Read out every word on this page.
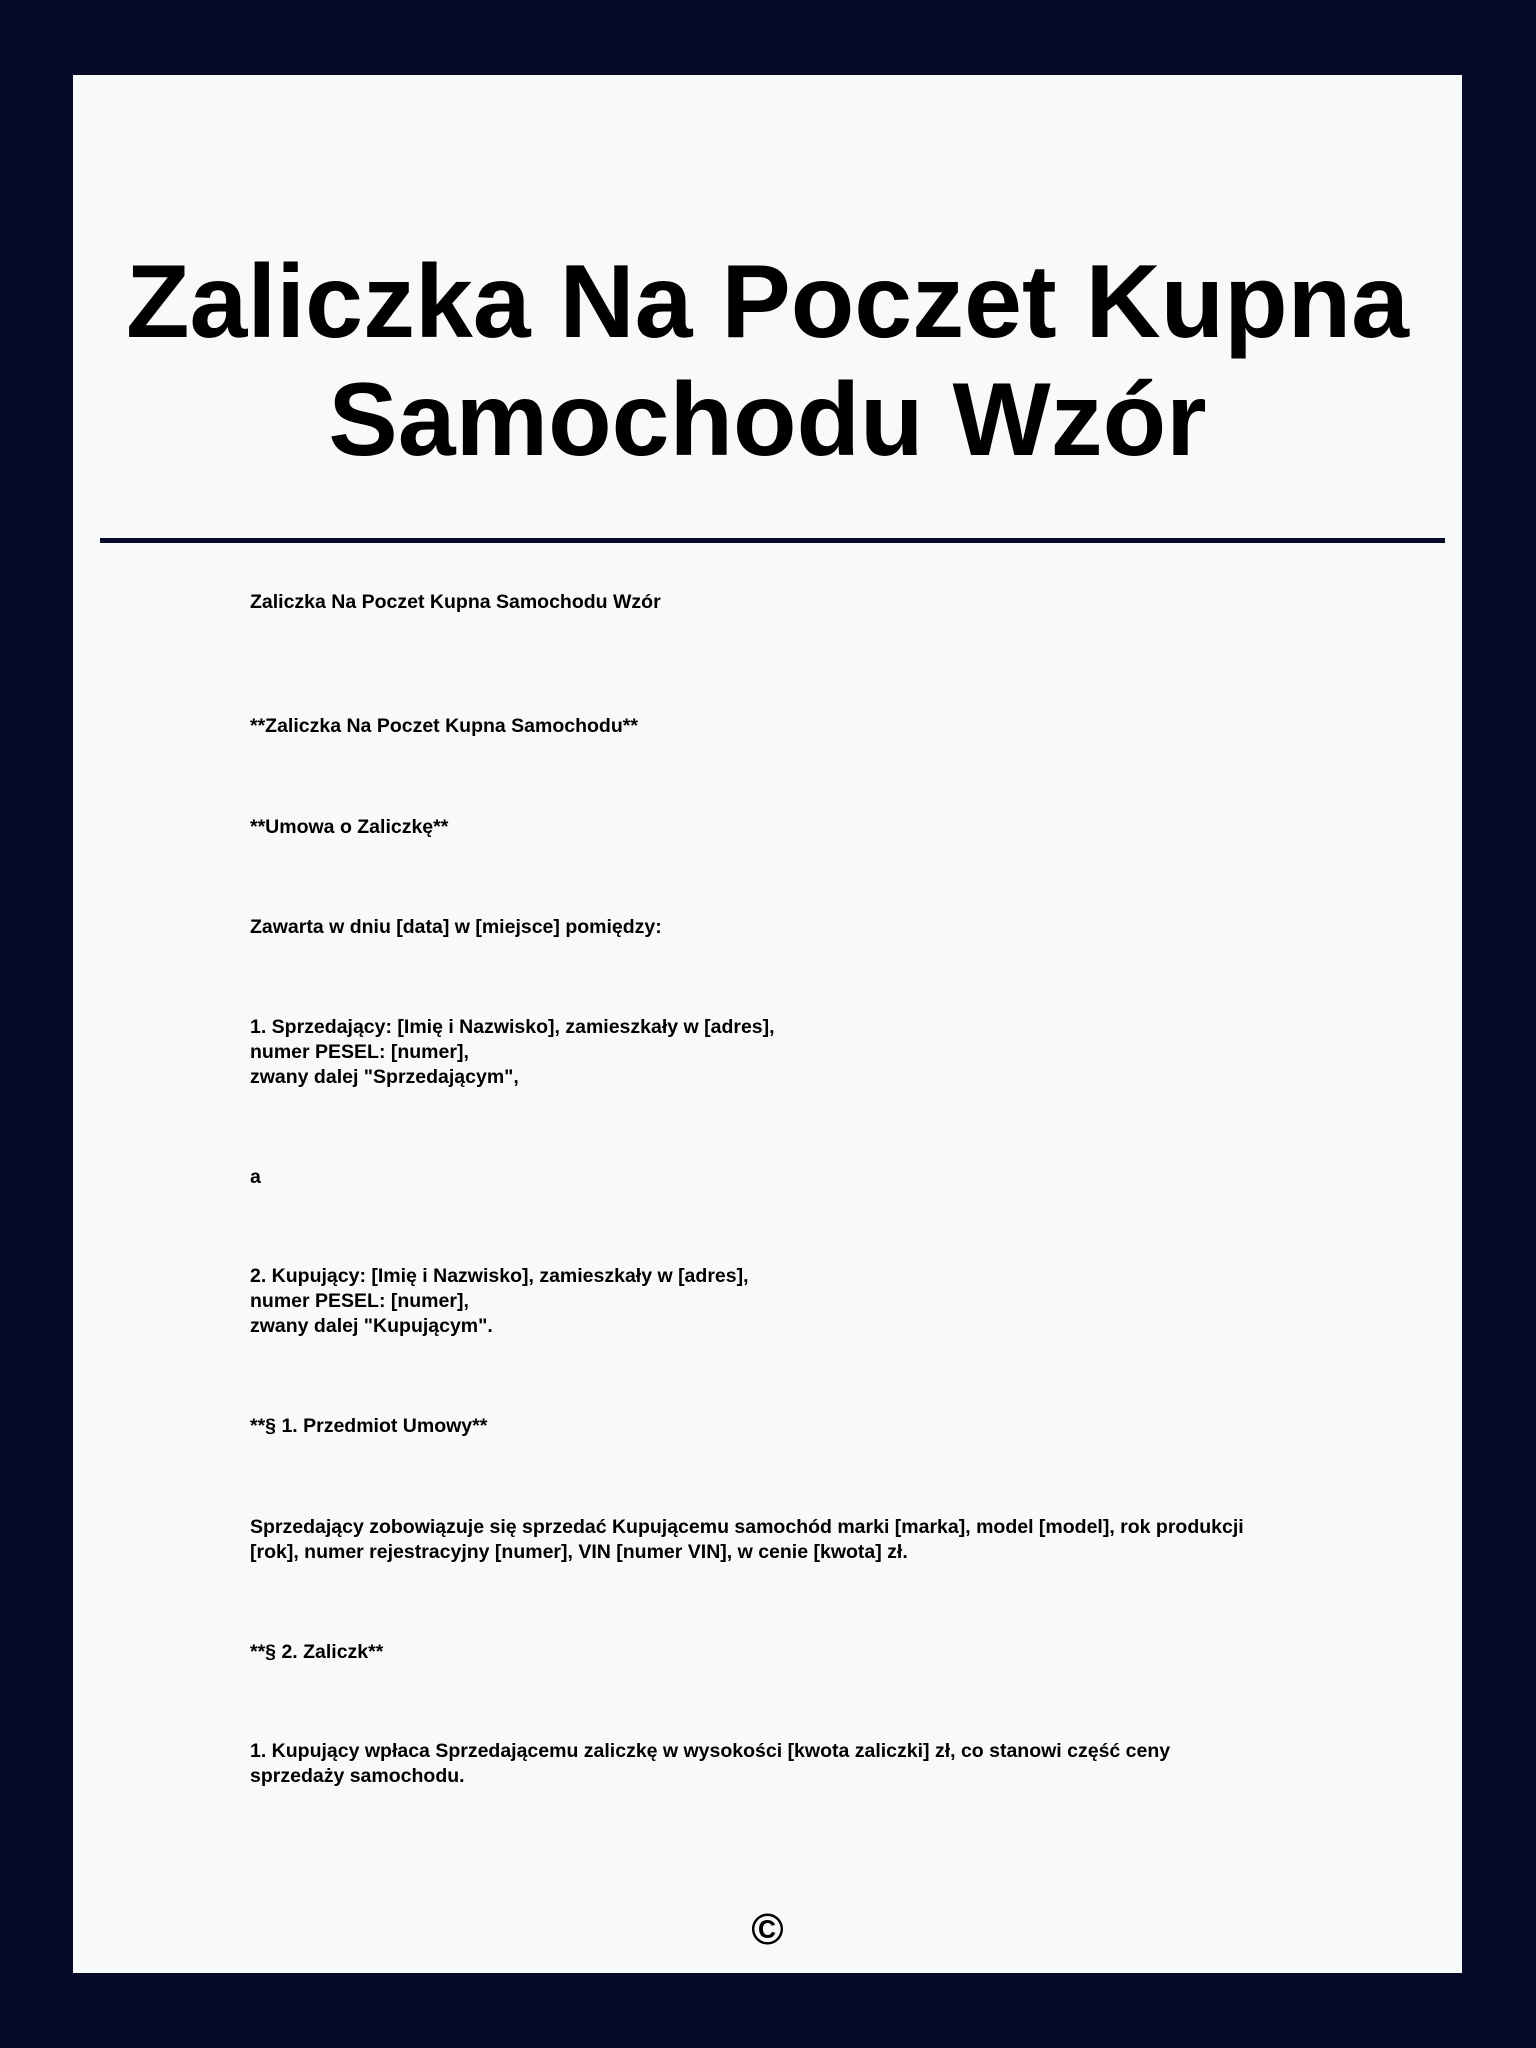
Zaliczka Na Poczet Kupna Samochodu Wzór
Zaliczka Na Poczet Kupna Samochodu Wzór
**Zaliczka Na Poczet Kupna Samochodu**
**Umowa o Zaliczkę**
Zawarta w dniu [data] w [miejsce] pomiędzy:
1. Sprzedający: [Imię i Nazwisko], zamieszkały w [adres],
numer PESEL: [numer],
zwany dalej "Sprzedającym",
a
2. Kupujący: [Imię i Nazwisko], zamieszkały w [adres],
numer PESEL: [numer],
zwany dalej "Kupującym".
**§ 1. Przedmiot Umowy**
Sprzedający zobowiązuje się sprzedać Kupującemu samochód marki [marka], model [model], rok produkcji
[rok], numer rejestracyjny [numer], VIN [numer VIN], w cenie [kwota] zł.
**§ 2. Zaliczk**
1. Kupujący wpłaca Sprzedającemu zaliczkę w wysokości [kwota zaliczki] zł, co stanowi część ceny
sprzedaży samochodu.
©
